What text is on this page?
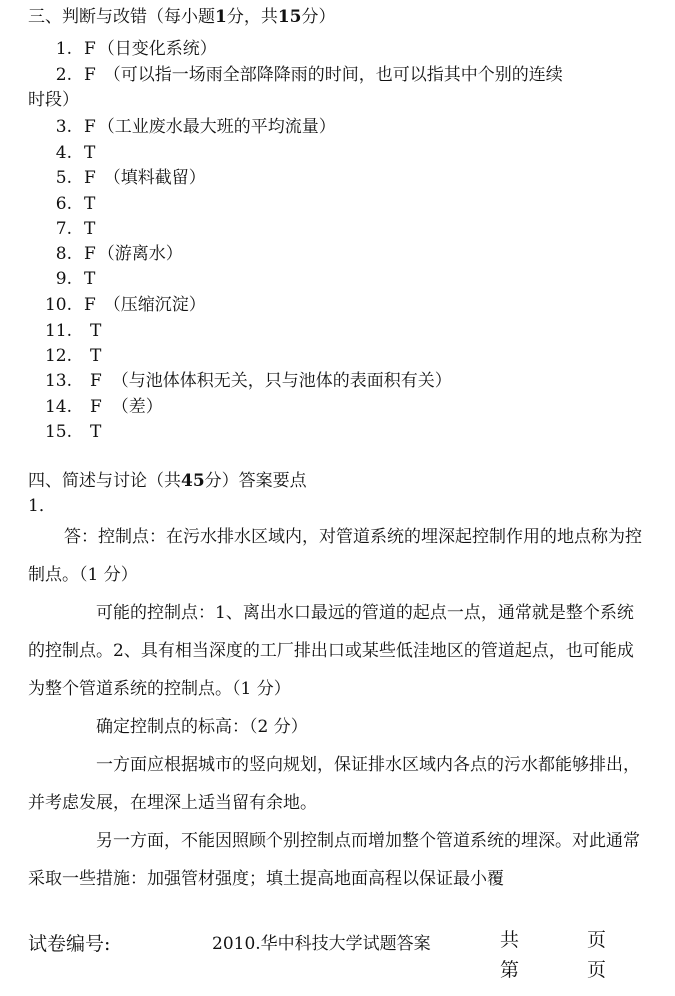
三、判断与改错（每小题1分，共15分）
1. F （日变化系统）
2. F （可以指一场雨全部降降雨的时间，也可以指其中个别的连续
时段）
3. F （工业废水最大班的平均流量）
4. T
5. F （填料截留）
6. T
7. T
8. F （游离水）
9. T
10. F （压缩沉淀）
11. T
12. T
13. F （与池体体积无关，只与池体的表面积有关）
14. F （差）
15. T
四、简述与讨论（共45分）答案要点
1．
答：控制点：在污水排水区域内，对管道系统的埋深起控制作用的地点称为控制点。（1 分）
可能的控制点：1、离出水口最远的管道的起点一点，通常就是整个系统的控制点。2、具有相当深度的工厂排出口或某些低洼地区的管道起点，也可能成为整个管道系统的控制点。（1 分）
确定控制点的标高：（2 分）
一方面应根据城市的竖向规划，保证排水区域内各点的污水都能够排出，并考虑发展，在埋深上适当留有余地。
另一方面，不能因照顾个别控制点而增加整个管道系统的埋深。对此通常采取一些措施：加强管材强度；填土提高地面高程以保证最小覆
试卷编号:	2010.华中科技大学试题答案	共	页
第	页
